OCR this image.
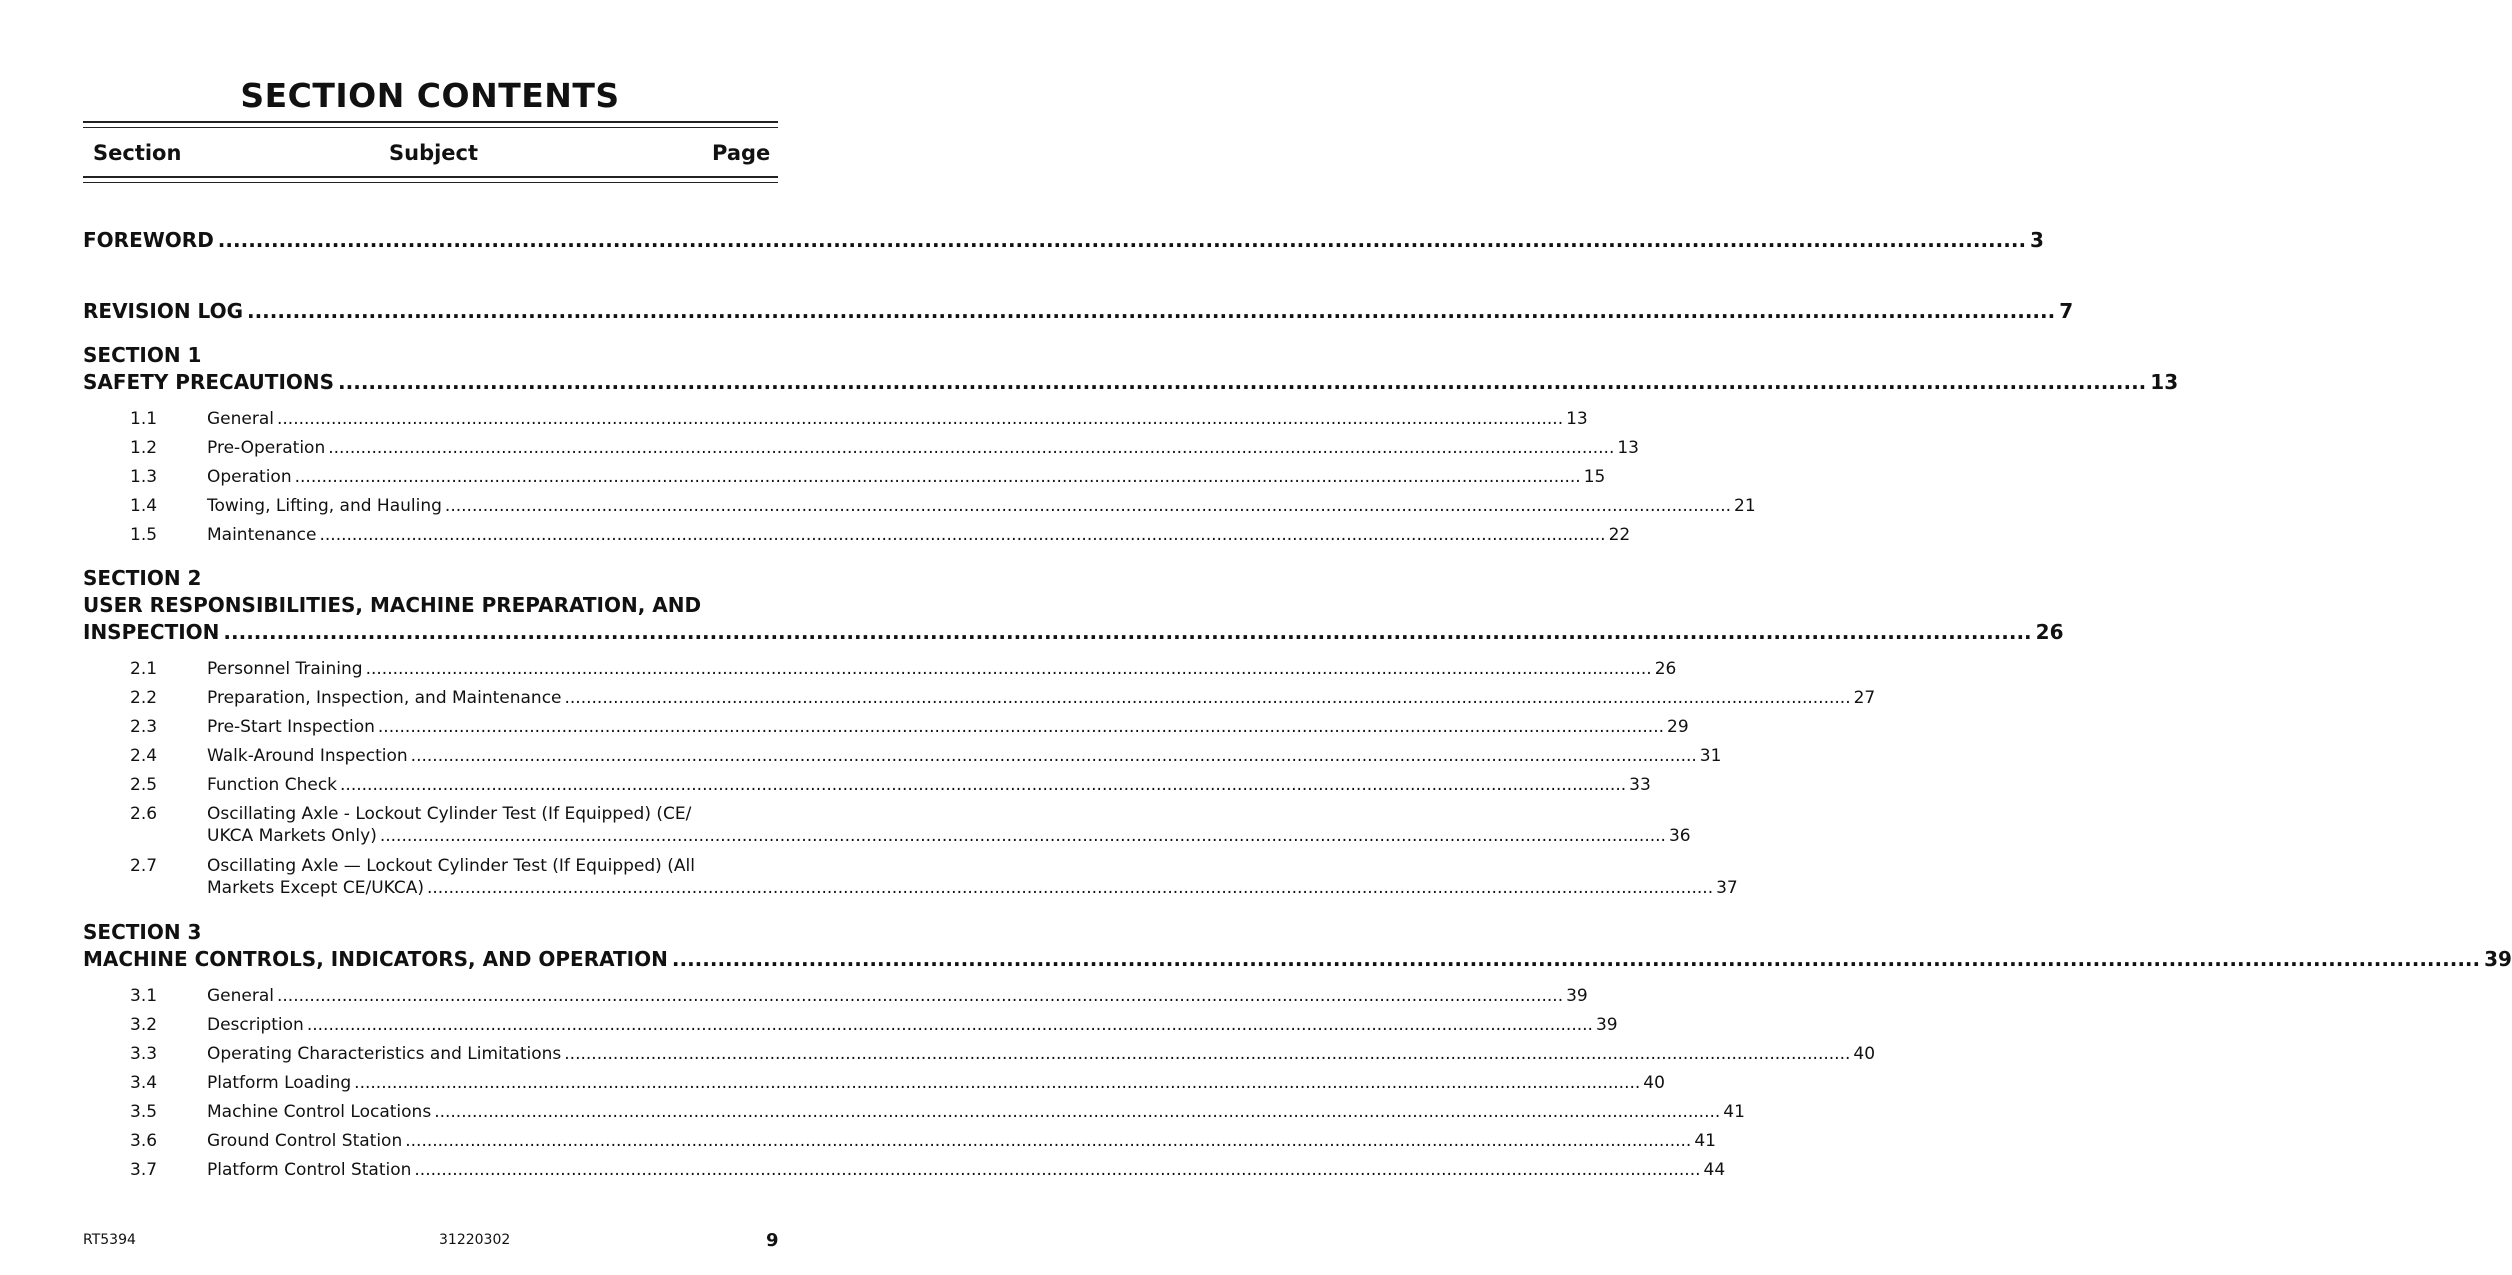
SECTION CONTENTS
Section	Subject	Page
FOREWORD .....	3
REVISION LOG .....	7
SECTION 1
SAFETY PRECAUTIONS .....	13
1.1	General .....	13
1.2	Pre-Operation .....	13
1.3	Operation .....	15
1.4	Towing, Lifting, and Hauling .....	21
1.5	Maintenance .....	22
SECTION 2
USER RESPONSIBILITIES, MACHINE PREPARATION, AND
INSPECTION .....	26
2.1	Personnel Training .....	26
2.2	Preparation, Inspection, and Maintenance .....	27
2.3	Pre-Start Inspection .....	29
2.4	Walk-Around Inspection .....	31
2.5	Function Check .....	33
2.6	Oscillating Axle - Lockout Cylinder Test (If Equipped) (CE/
UKCA Markets Only) .....	36
2.7	Oscillating Axle — Lockout Cylinder Test (If Equipped) (All
Markets Except CE/UKCA) .....	37
SECTION 3
MACHINE CONTROLS, INDICATORS, AND OPERATION .....	39
3.1	General .....	39
3.2	Description .....	39
3.3	Operating Characteristics and Limitations .....	40
3.4	Platform Loading .....	40
3.5	Machine Control Locations .....	41
3.6	Ground Control Station .....	41
3.7	Platform Control Station .....	44
RT5394	31220302	9
